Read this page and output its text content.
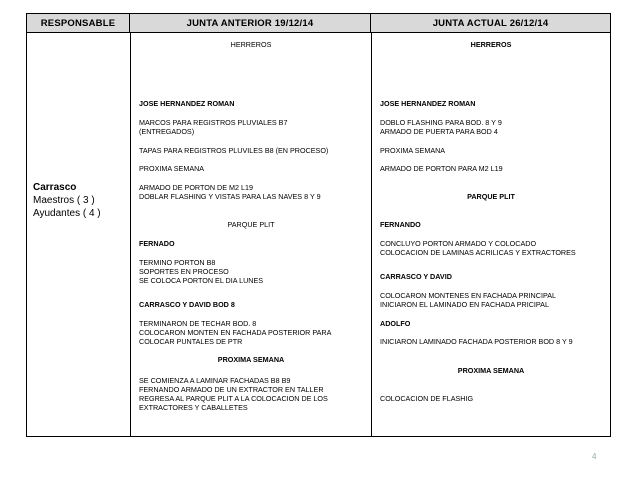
RESPONSABLE	JUNTA ANTERIOR 19/12/14	JUNTA ACTUAL 26/12/14
Carrasco
Maestros ( 3 )
Ayudantes ( 4 )
HERREROS
JOSE HERNANDEZ ROMAN
MARCOS PARA REGISTROS PLUVIALES B7
(ENTREGADOS)
TAPAS PARA REGISTROS PLUVILES B8 (EN PROCESO)
PROXIMA SEMANA
ARMADO DE PORTON DE M2 L19
DOBLAR FLASHING Y VISTAS PARA LAS NAVES 8 Y 9
PARQUE PLIT
FERNADO
TERMINO PORTON B8
SOPORTES EN PROCESO
SE COLOCA PORTON EL DIA LUNES
CARRASCO Y DAVID BOD 8
TERMINARON DE TECHAR BOD. 8
COLOCARON MONTEN EN FACHADA POSTERIOR PARA
COLOCAR PUNTALES DE PTR
PROXIMA SEMANA
SE COMIENZA A LAMINAR FACHADAS B8 B9
FERNANDO ARMADO DE UN EXTRACTOR EN TALLER
REGRESA AL PARQUE PLIT A LA COLOCACION DE LOS
EXTRACTORES Y CABALLETES
HERREROS
JOSE HERNANDEZ ROMAN
DOBLO FLASHING PARA BOD. 8 Y 9
ARMADO DE PUERTA PARA BOD 4
PROXIMA SEMANA
ARMADO DE PORTON PARA M2 L19
PARQUE PLIT
FERNANDO
CONCLUYO PORTON ARMADO Y COLOCADO
COLOCACION DE LAMINAS ACRILICAS Y EXTRACTORES
CARRASCO Y DAVID
COLOCARON MONTENES EN FACHADA PRINCIPAL
INICIARON EL LAMINADO EN FACHADA PRICIPAL
ADOLFO
INICIARON LAMINADO FACHADA POSTERIOR BOD 8 Y 9
PROXIMA SEMANA
COLOCACION DE FLASHIG
4
